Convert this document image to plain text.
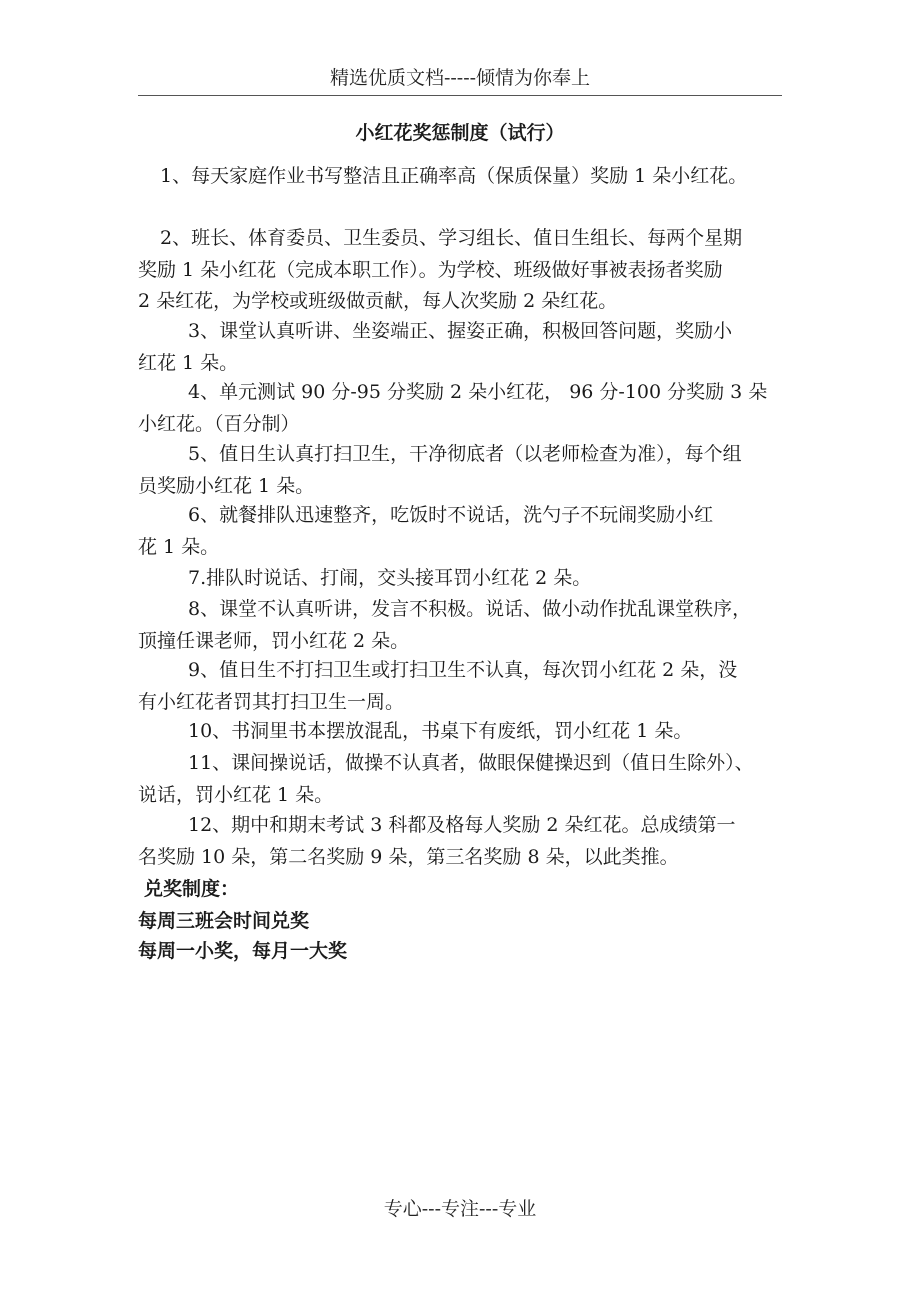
精选优质文档-----倾情为你奉上
小红花奖惩制度（试行）
1、每天家庭作业书写整洁且正确率高（保质保量）奖励 1 朵小红花。
2、班长、体育委员、卫生委员、学习组长、值日生组长、每两个星期
奖励 1 朵小红花（完成本职工作）。为学校、班级做好事被表扬者奖励
2 朵红花，为学校或班级做贡献，每人次奖励 2 朵红花。
3、课堂认真听讲、坐姿端正、握姿正确，积极回答问题，奖励小
红花 1 朵。
4、单元测试 90 分-95 分奖励 2 朵小红花， 96 分-100 分奖励 3 朵
小红花。（百分制）
5、值日生认真打扫卫生，干净彻底者（以老师检查为准），每个组
员奖励小红花 1 朵。
6、就餐排队迅速整齐，吃饭时不说话，洗勺子不玩闹奖励小红
花 1 朵。
7.排队时说话、打闹，交头接耳罚小红花 2 朵。
8、课堂不认真听讲，发言不积极。说话、做小动作扰乱课堂秩序，
顶撞任课老师，罚小红花 2 朵。
9、值日生不打扫卫生或打扫卫生不认真，每次罚小红花 2 朵，没
有小红花者罚其打扫卫生一周。
10、书洞里书本摆放混乱，书桌下有废纸，罚小红花 1 朵。
11、课间操说话，做操不认真者，做眼保健操迟到（值日生除外）、
说话，罚小红花 1 朵。
12、期中和期末考试 3 科都及格每人奖励 2 朵红花。总成绩第一
名奖励 10 朵，第二名奖励 9 朵，第三名奖励 8 朵，以此类推。
兑奖制度：
每周三班会时间兑奖
每周一小奖，每月一大奖
专心---专注---专业
